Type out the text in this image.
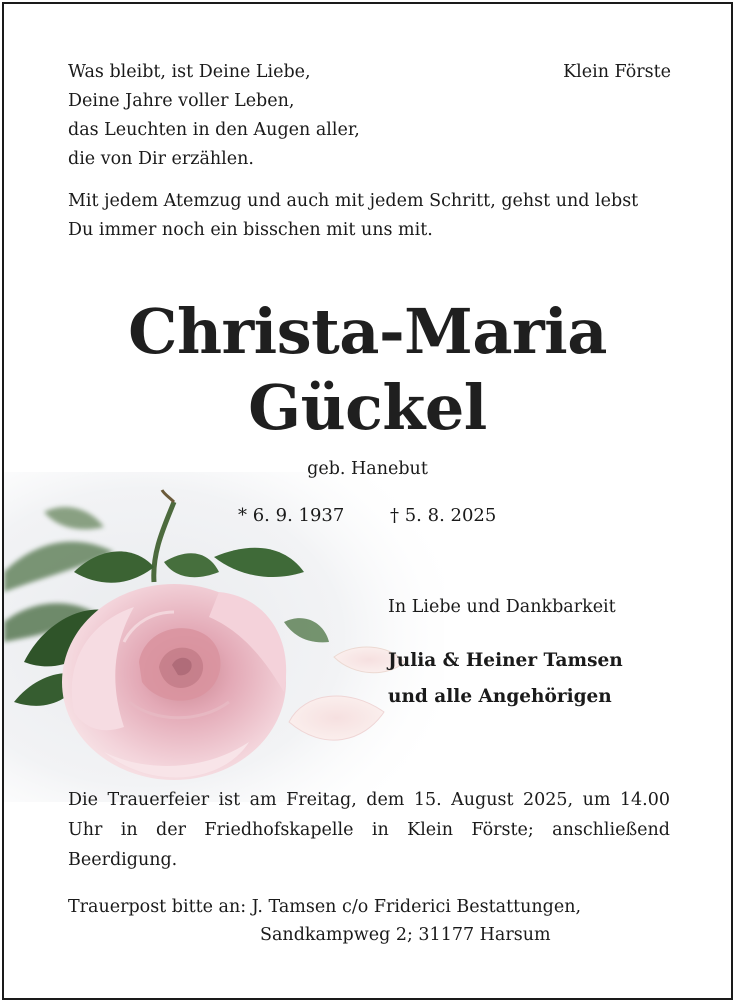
Was bleibt, ist Deine Liebe,
Deine Jahre voller Leben,
das Leuchten in den Augen aller,
die von Dir erzählen.
Klein Förste
Mit jedem Atemzug und auch mit jedem Schritt, gehst und lebst
Du immer noch ein bisschen mit uns mit.
Christa-Maria
Gückel
geb. Hanebut
* 6. 9. 1937	† 5. 8. 2025
In Liebe und Dankbarkeit
Julia & Heiner Tamsen
und alle Angehörigen
Die Trauerfeier ist am Freitag, dem 15. August 2025, um 14.00 Uhr in der Friedhofskapelle in Klein Förste; anschließend Beerdigung.
Trauerpost bitte an: J. Tamsen c/o Friderici Bestattungen,
Sandkampweg 2; 31177 Harsum
